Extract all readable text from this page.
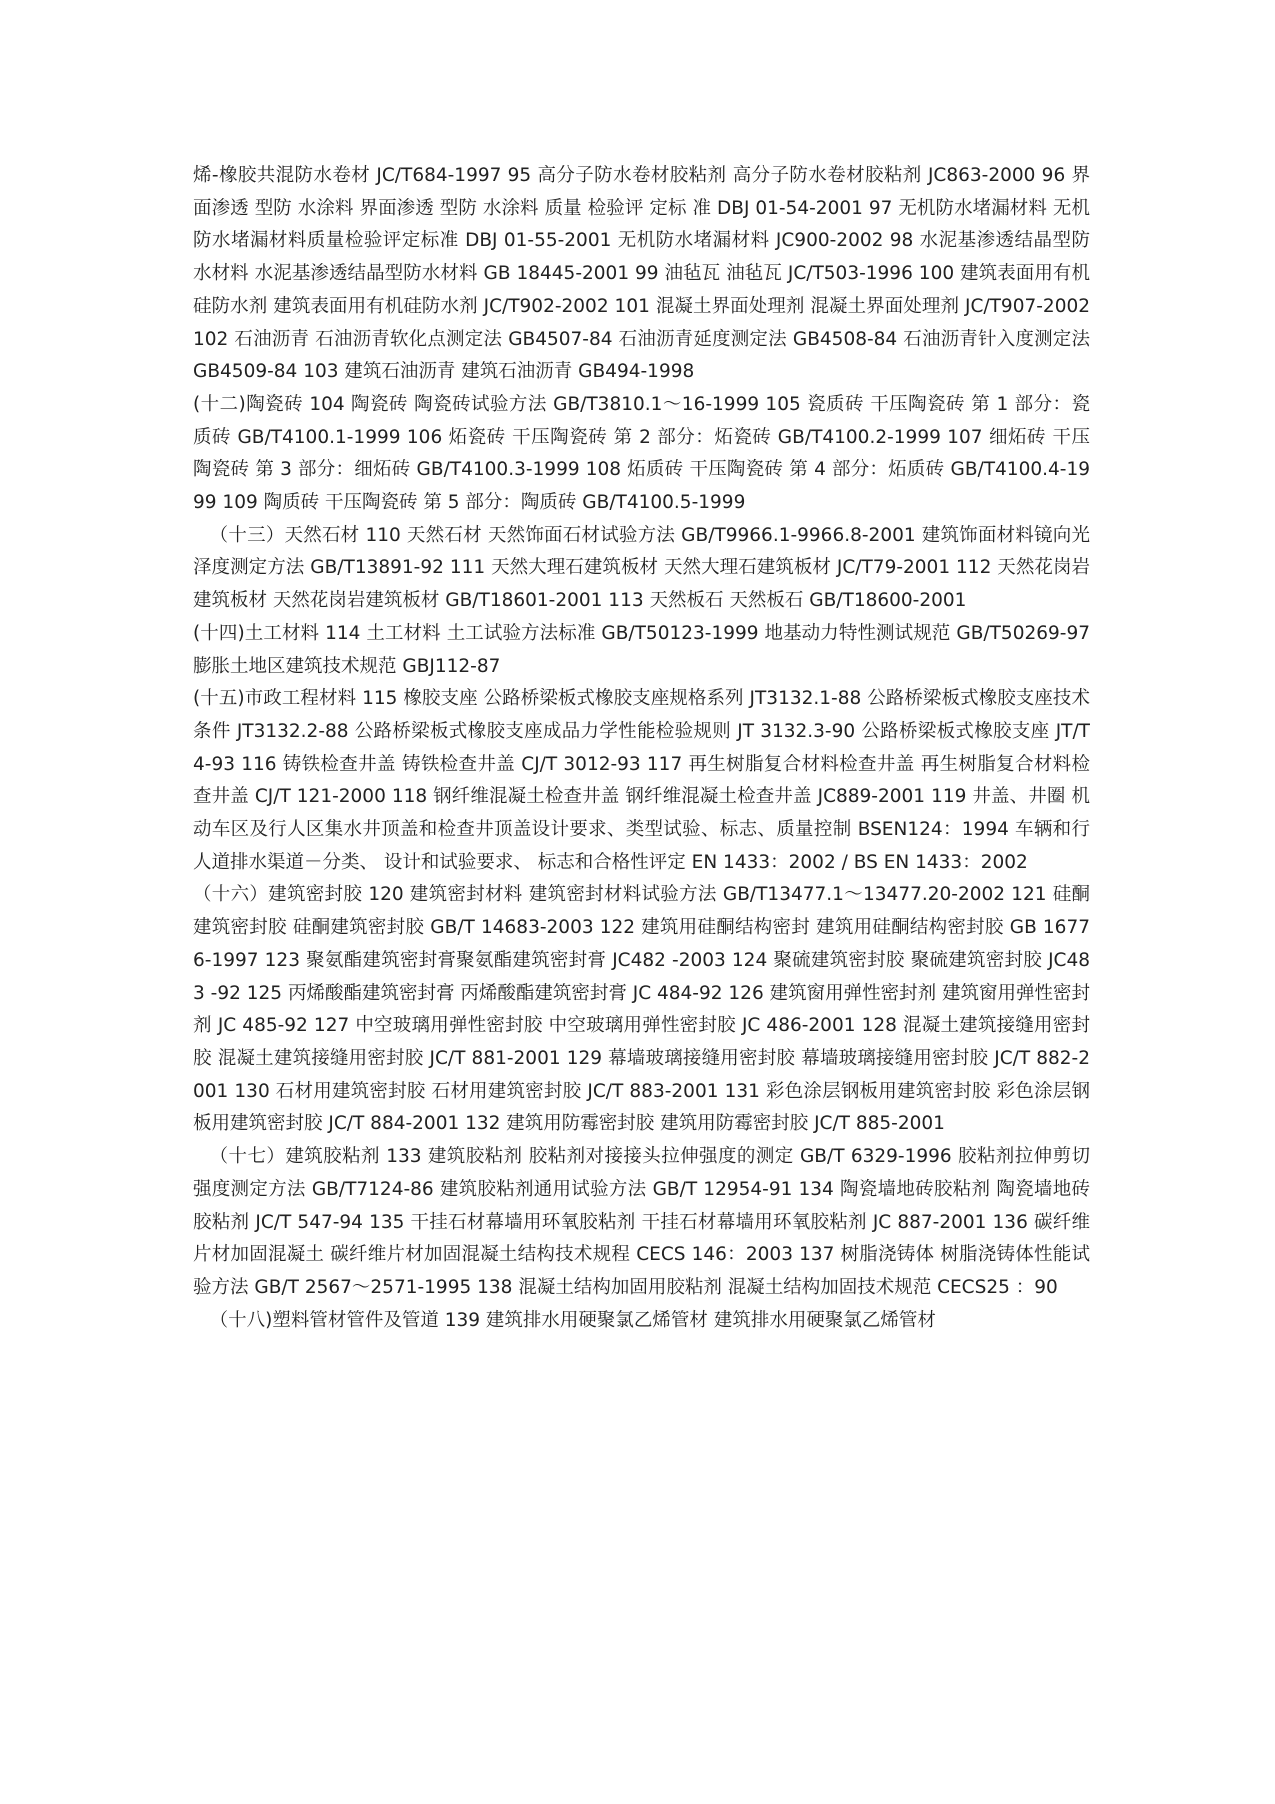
烯-橡胶共混防水卷材 JC/T684-1997 95 高分子防水卷材胶粘剂 高分子防水卷材胶粘剂 JC863-2000 96 界面渗透 型防 水涂料 界面渗透 型防 水涂料 质量 检验评 定标 准 DBJ 01-54-2001 97 无机防水堵漏材料 无机防水堵漏材料质量检验评定标准 DBJ 01-55-2001 无机防水堵漏材料 JC900-2002 98 水泥基渗透结晶型防水材料 水泥基渗透结晶型防水材料 GB 18445-2001 99 油毡瓦 油毡瓦 JC/T503-1996 100 建筑表面用有机硅防水剂 建筑表面用有机硅防水剂 JC/T902-2002 101 混凝土界面处理剂 混凝土界面处理剂 JC/T907-2002 102 石油沥青 石油沥青软化点测定法 GB4507-84 石油沥青延度测定法 GB4508-84 石油沥青针入度测定法 GB4509-84 103 建筑石油沥青 建筑石油沥青 GB494-1998

(十二)陶瓷砖 104 陶瓷砖 陶瓷砖试验方法 GB/T3810.1～16-1999 105 瓷质砖 干压陶瓷砖 第 1 部分：瓷质砖 GB/T4100.1-1999 106 炻瓷砖 干压陶瓷砖 第 2 部分：炻瓷砖 GB/T4100.2-1999 107 细炻砖 干压陶瓷砖 第 3 部分：细炻砖 GB/T4100.3-1999 108 炻质砖 干压陶瓷砖 第 4 部分：炻质砖 GB/T4100.4-1999 109 陶质砖 干压陶瓷砖 第 5 部分：陶质砖 GB/T4100.5-1999

（十三）天然石材 110 天然石材 天然饰面石材试验方法 GB/T9966.1-9966.8-2001 建筑饰面材料镜向光泽度测定方法 GB/T13891-92 111 天然大理石建筑板材 天然大理石建筑板材 JC/T79-2001 112 天然花岗岩建筑板材 天然花岗岩建筑板材 GB/T18601-2001 113 天然板石 天然板石 GB/T18600-2001

(十四)土工材料 114 土工材料 土工试验方法标准 GB/T50123-1999 地基动力特性测试规范 GB/T50269-97 膨胀土地区建筑技术规范 GBJ112-87

(十五)市政工程材料 115 橡胶支座 公路桥梁板式橡胶支座规格系列 JT3132.1-88 公路桥梁板式橡胶支座技术条件 JT3132.2-88 公路桥梁板式橡胶支座成品力学性能检验规则 JT 3132.3-90 公路桥梁板式橡胶支座 JT/T 4-93 116 铸铁检查井盖 铸铁检查井盖 CJ/T 3012-93 117 再生树脂复合材料检查井盖 再生树脂复合材料检查井盖 CJ/T 121-2000 118 钢纤维混凝土检查井盖 钢纤维混凝土检查井盖 JC889-2001 119 井盖、井圈 机动车区及行人区集水井顶盖和检查井顶盖设计要求、类型试验、标志、质量控制 BSEN124：1994 车辆和行人道排水渠道－分类、 设计和试验要求、 标志和合格性评定 EN 1433：2002 / BS EN 1433：2002

（十六）建筑密封胶 120 建筑密封材料 建筑密封材料试验方法 GB/T13477.1～13477.20-2002 121 硅酮建筑密封胶 硅酮建筑密封胶 GB/T 14683-2003 122 建筑用硅酮结构密封 建筑用硅酮结构密封胶 GB 16776-1997 123 聚氨酯建筑密封膏聚氨酯建筑密封膏 JC482 -2003 124 聚硫建筑密封胶 聚硫建筑密封胶 JC483 -92 125 丙烯酸酯建筑密封膏 丙烯酸酯建筑密封膏 JC 484-92 126 建筑窗用弹性密封剂 建筑窗用弹性密封剂 JC 485-92 127 中空玻璃用弹性密封胶 中空玻璃用弹性密封胶 JC 486-2001 128 混凝土建筑接缝用密封胶 混凝土建筑接缝用密封胶 JC/T 881-2001 129 幕墙玻璃接缝用密封胶 幕墙玻璃接缝用密封胶 JC/T 882-2001 130 石材用建筑密封胶 石材用建筑密封胶 JC/T 883-2001 131 彩色涂层钢板用建筑密封胶 彩色涂层钢板用建筑密封胶 JC/T 884-2001 132 建筑用防霉密封胶 建筑用防霉密封胶 JC/T 885-2001

（十七）建筑胶粘剂 133 建筑胶粘剂 胶粘剂对接接头拉伸强度的测定 GB/T 6329-1996 胶粘剂拉伸剪切强度测定方法 GB/T7124-86 建筑胶粘剂通用试验方法 GB/T 12954-91 134 陶瓷墙地砖胶粘剂 陶瓷墙地砖胶粘剂 JC/T 547-94 135 干挂石材幕墙用环氧胶粘剂 干挂石材幕墙用环氧胶粘剂 JC 887-2001 136 碳纤维片材加固混凝土 碳纤维片材加固混凝土结构技术规程 CECS 146：2003 137 树脂浇铸体 树脂浇铸体性能试验方法 GB/T 2567～2571-1995 138 混凝土结构加固用胶粘剂 混凝土结构加固技术规范 CECS25 ：90

（十八)塑料管材管件及管道 139 建筑排水用硬聚氯乙烯管材 建筑排水用硬聚氯乙烯管材
